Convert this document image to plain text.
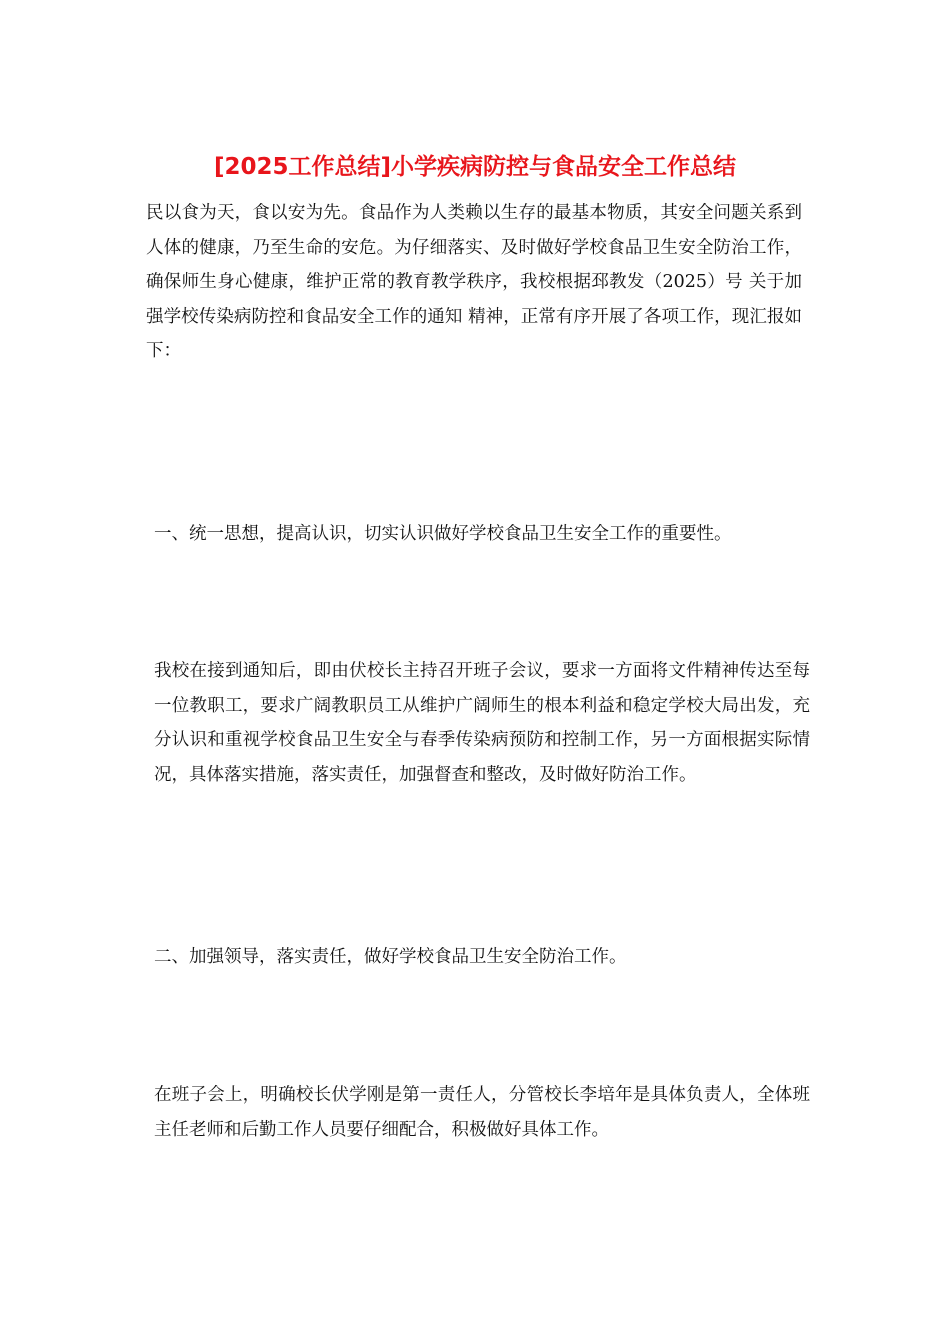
[2025工作总结]小学疾病防控与食品安全工作总结

民以食为天，食以安为先。食品作为人类赖以生存的最基本物质，其安全问题关系到人体的健康，乃至生命的安危。为仔细落实、及时做好学校食品卫生安全防治工作，确保师生身心健康，维护正常的教育教学秩序，我校根据邳教发（2025）号 关于加强学校传染病防控和食品安全工作的通知 精神，正常有序开展了各项工作，现汇报如下：

一、统一思想，提高认识，切实认识做好学校食品卫生安全工作的重要性。

我校在接到通知后，即由伏校长主持召开班子会议，要求一方面将文件精神传达至每一位教职工，要求广阔教职员工从维护广阔师生的根本利益和稳定学校大局出发，充分认识和重视学校食品卫生安全与春季传染病预防和控制工作，另一方面根据实际情况，具体落实措施，落实责任，加强督查和整改，及时做好防治工作。

二、加强领导，落实责任，做好学校食品卫生安全防治工作。

在班子会上，明确校长伏学刚是第一责任人，分管校长李培年是具体负责人，全体班主任老师和后勤工作人员要仔细配合，积极做好具体工作。
